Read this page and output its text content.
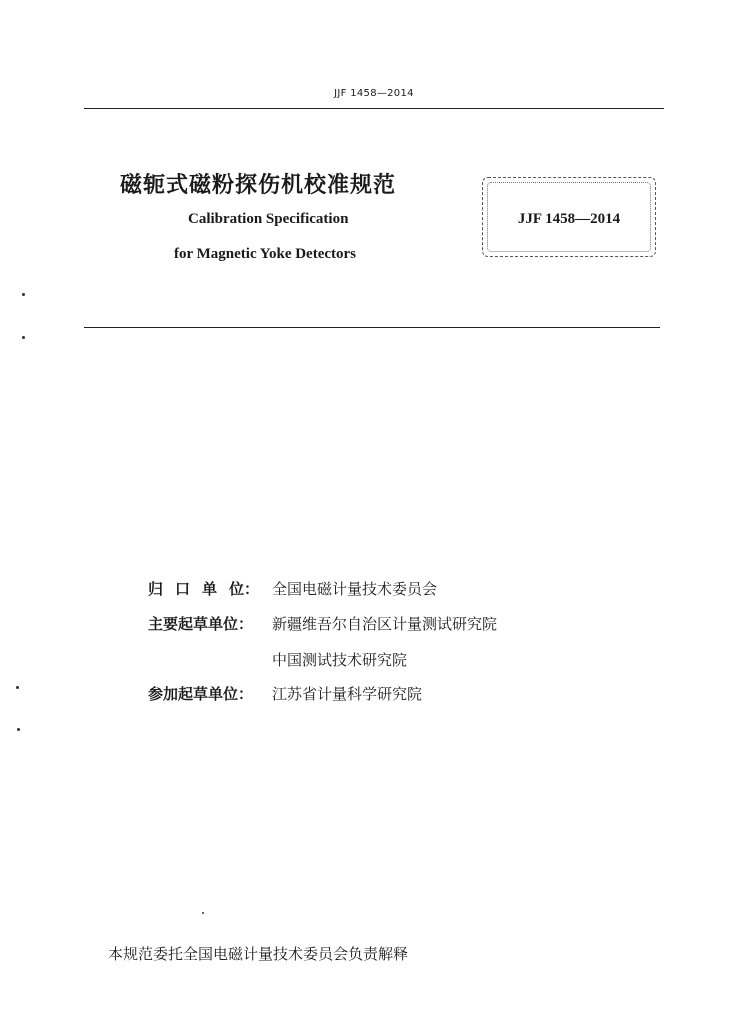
JJF 1458—2014
磁轭式磁粉探伤机校准规范
Calibration Specification
for Magnetic Yoke Detectors
JJF 1458—2014
归 口 单 位： 全国电磁计量技术委员会
主要起草单位： 新疆维吾尔自治区计量测试研究院
中国测试技术研究院
参加起草单位： 江苏省计量科学研究院
本规范委托全国电磁计量技术委员会负责解释
